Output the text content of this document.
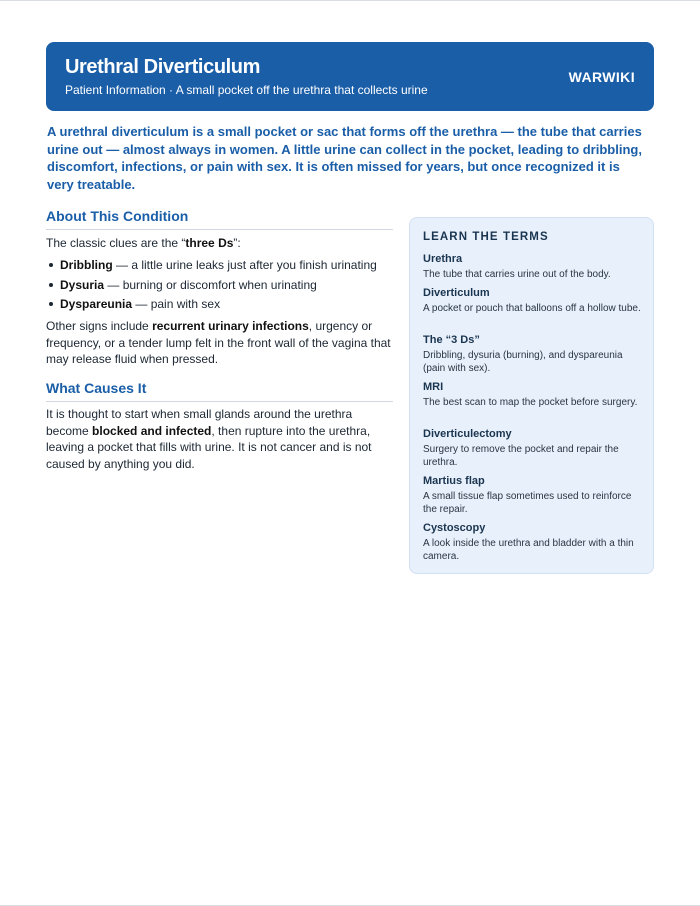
Urethral Diverticulum
Patient Information · A small pocket off the urethra that collects urine
WARWIKI
A urethral diverticulum is a small pocket or sac that forms off the urethra — the tube that carries urine out — almost always in women. A little urine can collect in the pocket, leading to dribbling, discomfort, infections, or pain with sex. It is often missed for years, but once recognized it is very treatable.
About This Condition
The classic clues are the “three Ds”:
Dribbling — a little urine leaks just after you finish urinating
Dysuria — burning or discomfort when urinating
Dyspareunia — pain with sex
Other signs include recurrent urinary infections, urgency or frequency, or a tender lump felt in the front wall of the vagina that may release fluid when pressed.
What Causes It
It is thought to start when small glands around the urethra become blocked and infected, then rupture into the urethra, leaving a pocket that fills with urine. It is not cancer and is not caused by anything you did.
LEARN THE TERMS
Urethra
The tube that carries urine out of the body.
Diverticulum
A pocket or pouch that balloons off a hollow tube.
The “3 Ds”
Dribbling, dysuria (burning), and dyspareunia (pain with sex).
MRI
The best scan to map the pocket before surgery.
Diverticulectomy
Surgery to remove the pocket and repair the urethra.
Martius flap
A small tissue flap sometimes used to reinforce the repair.
Cystoscopy
A look inside the urethra and bladder with a thin camera.
